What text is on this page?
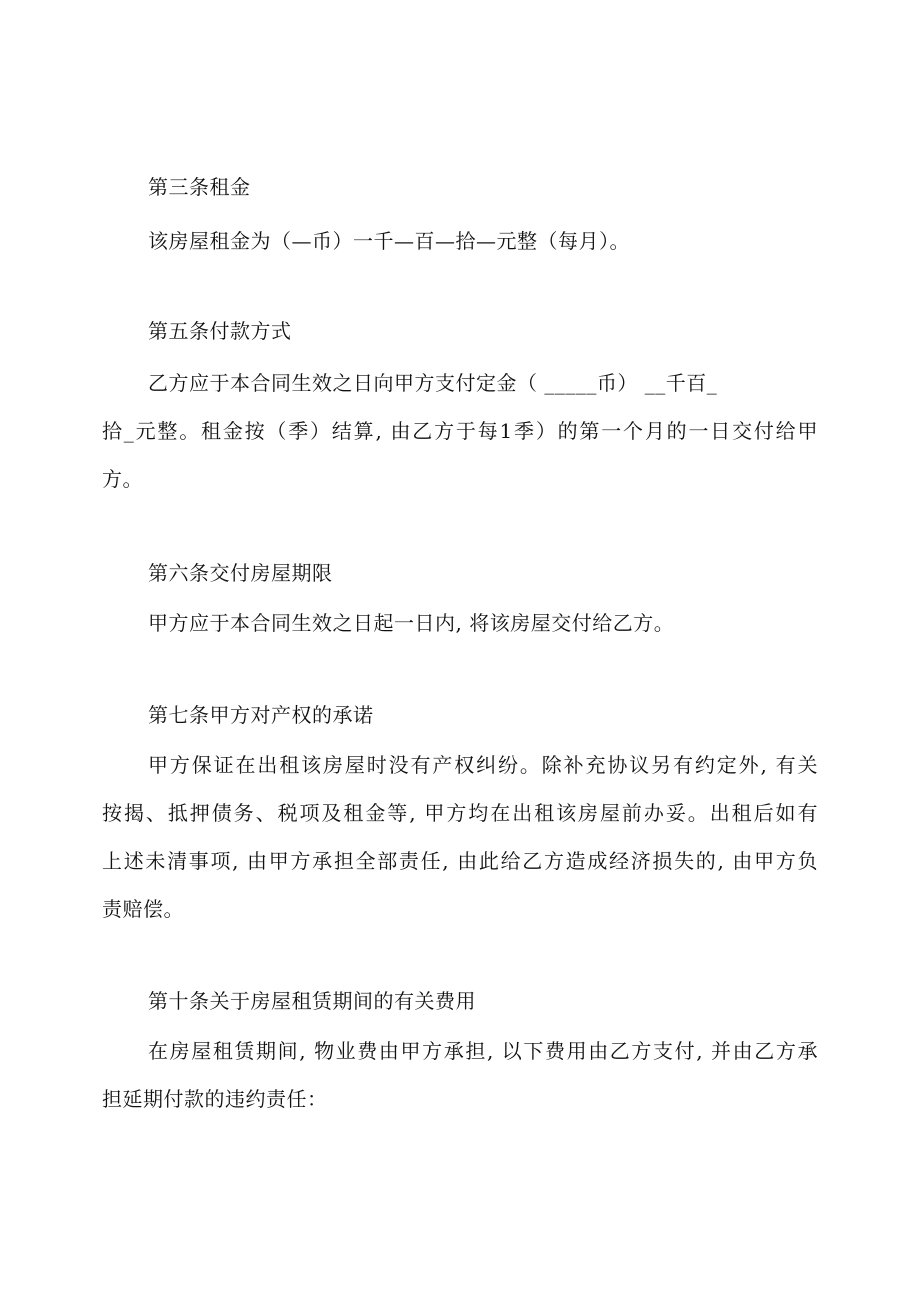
第三条租金
该房屋租金为（—币）一千—百—拾—元整（每月）。
第五条付款方式
乙方应于本合同生效之日向甲方支付定金（ _____币） __千百_
拾_元整。租金按（季）结算, 由乙方于每1季）的第一个月的一日交付给甲
方。
第六条交付房屋期限
甲方应于本合同生效之日起一日内, 将该房屋交付给乙方。
第七条甲方对产权的承诺
甲方保证在出租该房屋时没有产权纠纷。除补充协议另有约定外, 有关
按揭、抵押债务、税项及租金等, 甲方均在出租该房屋前办妥。出租后如有
上述未清事项, 由甲方承担全部责任, 由此给乙方造成经济损失的, 由甲方负
责赔偿。
第十条关于房屋租赁期间的有关费用
在房屋租赁期间, 物业费由甲方承担, 以下费用由乙方支付, 并由乙方承
担延期付款的违约责任：
